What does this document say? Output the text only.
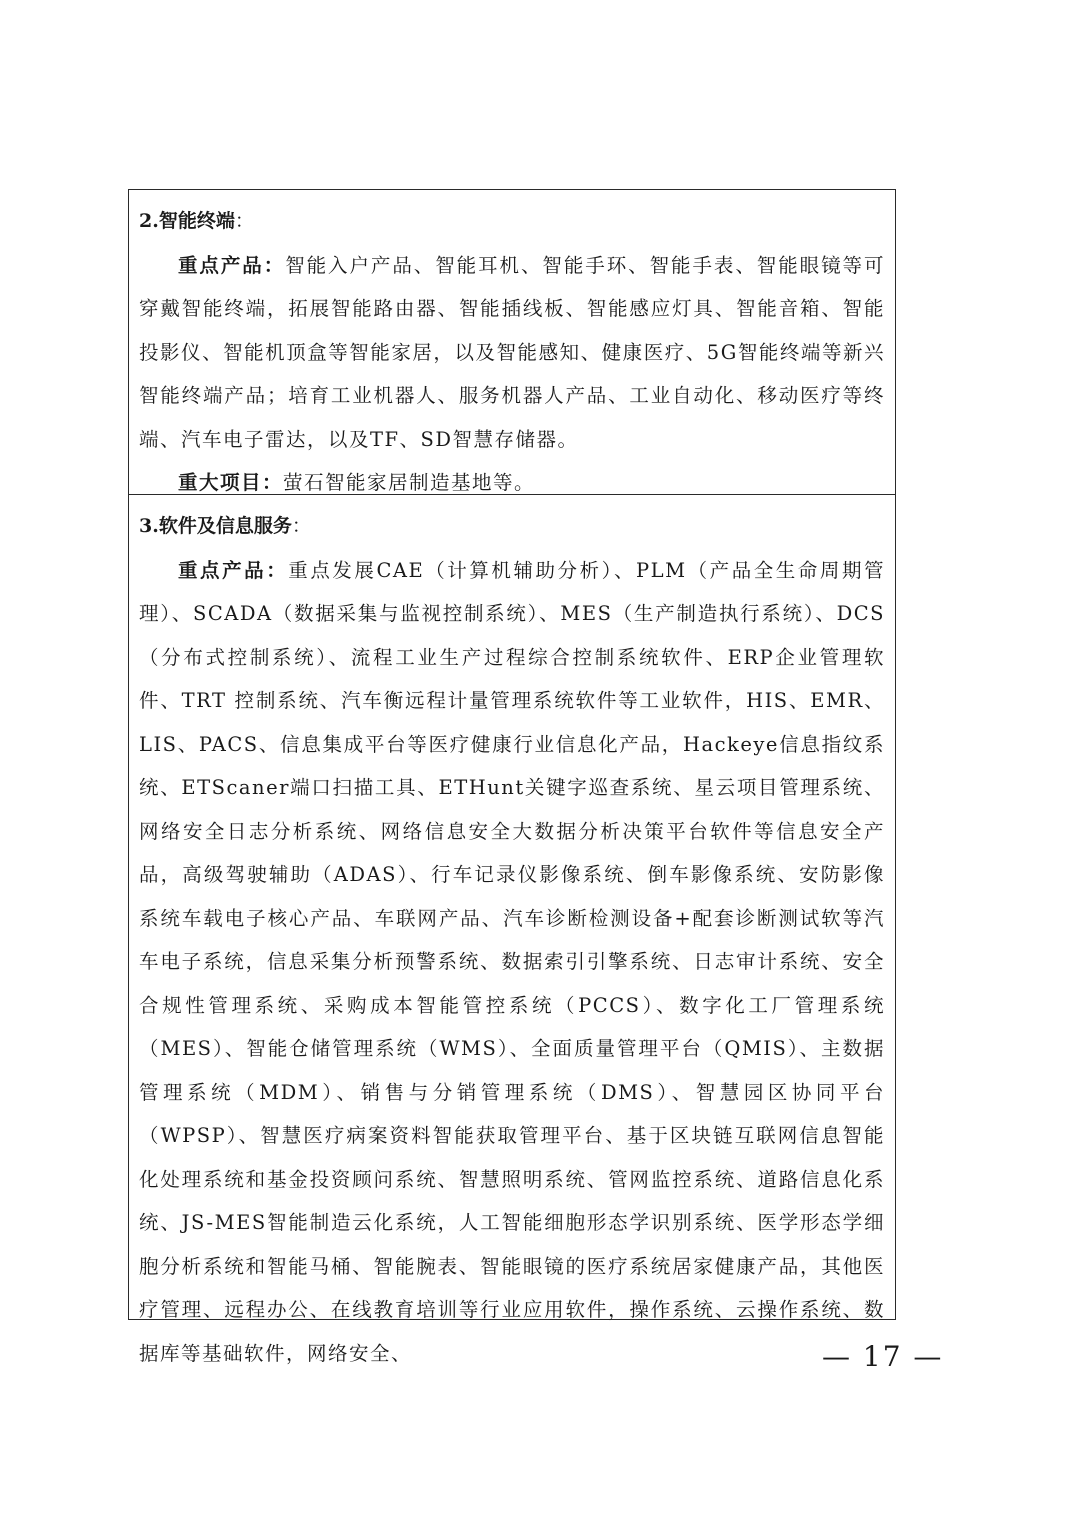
2.智能终端：

重点产品：智能入户产品、智能耳机、智能手环、智能手表、智能眼镜等可穿戴智能终端，拓展智能路由器、智能插线板、智能感应灯具、智能音箱、智能投影仪、智能机顶盒等智能家居，以及智能感知、健康医疗、5G智能终端等新兴智能终端产品；培育工业机器人、服务机器人产品、工业自动化、移动医疗等终端、汽车电子雷达，以及TF、SD智慧存储器。

重大项目：萤石智能家居制造基地等。

3.软件及信息服务：

重点产品：重点发展CAE（计算机辅助分析）、PLM（产品全生命周期管理）、SCADA（数据采集与监视控制系统）、MES（生产制造执行系统）、DCS（分布式控制系统）、流程工业生产过程综合控制系统软件、ERP企业管理软件、TRT 控制系统、汽车衡远程计量管理系统软件等工业软件，HIS、EMR、LIS、PACS、信息集成平台等医疗健康行业信息化产品，Hackeye信息指纹系统、ETScaner端口扫描工具、ETHunt关键字巡查系统、星云项目管理系统、网络安全日志分析系统、网络信息安全大数据分析决策平台软件等信息安全产品，高级驾驶辅助（ADAS）、行车记录仪影像系统、倒车影像系统、安防影像系统车载电子核心产品、车联网产品、汽车诊断检测设备+配套诊断测试软等汽车电子系统，信息采集分析预警系统、数据索引引擎系统、日志审计系统、安全合规性管理系统、采购成本智能管控系统（PCCS）、数字化工厂管理系统（MES）、智能仓储管理系统（WMS）、全面质量管理平台（QMIS）、主数据管理系统（MDM）、销售与分销管理系统（DMS）、智慧园区协同平台（WPSP）、智慧医疗病案资料智能获取管理平台、基于区块链互联网信息智能化处理系统和基金投资顾问系统、智慧照明系统、管网监控系统、道路信息化系统、JS-MES智能制造云化系统，人工智能细胞形态学识别系统、医学形态学细胞分析系统和智能马桶、智能腕表、智能眼镜的医疗系统居家健康产品，其他医疗管理、远程办公、在线教育培训等行业应用软件，操作系统、云操作系统、数据库等基础软件，网络安全、	— 17 —
